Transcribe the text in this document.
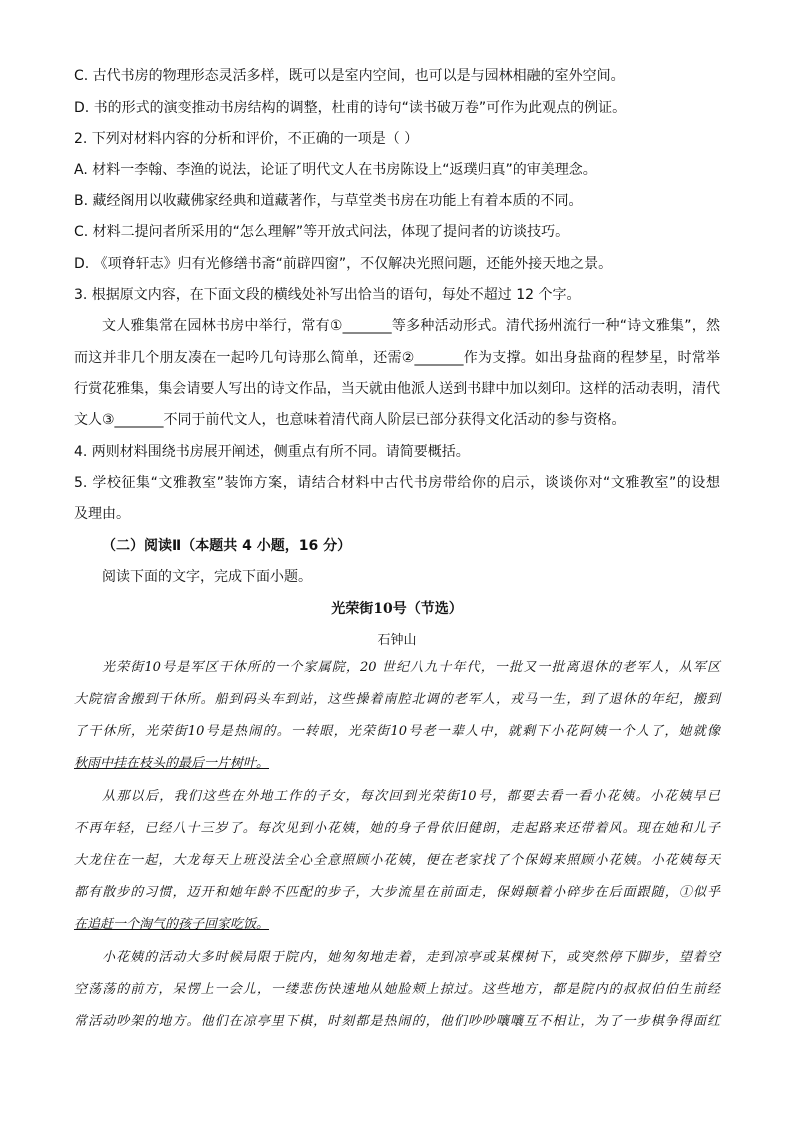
C. 古代书房的物理形态灵活多样，既可以是室内空间，也可以是与园林相融的室外空间。
D. 书的形式的演变推动书房结构的调整，杜甫的诗句“读书破万卷”可作为此观点的例证。
2. 下列对材料内容的分析和评价，不正确的一项是（ ）
A. 材料一李翰、李渔的说法，论证了明代文人在书房陈设上“返璞归真”的审美理念。
B. 藏经阁用以收藏佛家经典和道藏著作，与草堂类书房在功能上有着本质的不同。
C. 材料二提问者所采用的“怎么理解”等开放式问法，体现了提问者的访谈技巧。
D. 《项脊轩志》归有光修缮书斋“前辟四窗”，不仅解决光照问题，还能外接天地之景。
3. 根据原文内容，在下面文段的横线处补写出恰当的语句，每处不超过 12 个字。
文人雅集常在园林书房中举行，常有①_______等多种活动形式。清代扬州流行一种“诗文雅集”，然
而这并非几个朋友凑在一起吟几句诗那么简单，还需②_______作为支撑。如出身盐商的程梦星，时常举
行赏花雅集，集会请要人写出的诗文作品，当天就由他派人送到书肆中加以刻印。这样的活动表明，清代
文人③_______不同于前代文人，也意味着清代商人阶层已部分获得文化活动的参与资格。
4. 两则材料围绕书房展开阐述，侧重点有所不同。请简要概括。
5. 学校征集“文雅教室”装饰方案，请结合材料中古代书房带给你的启示，谈谈你对“文雅教室”的设想
及理由。
（二）阅读Ⅱ（本题共 4 小题，16 分）
阅读下面的文字，完成下面小题。
光荣街10号（节选）
石钟山
光荣街10号是军区干休所的一个家属院，20 世纪八九十年代，一批又一批离退休的老军人，从军区
大院宿舍搬到干休所。船到码头车到站，这些操着南腔北调的老军人，戎马一生，到了退休的年纪，搬到
了干休所，光荣街10号是热闹的。一转眼，光荣街10号老一辈人中，就剩下小花阿姨一个人了，她就像
秋雨中挂在枝头的最后一片树叶。
从那以后，我们这些在外地工作的子女，每次回到光荣街10号，都要去看一看小花姨。小花姨早已
不再年轻，已经八十三岁了。每次见到小花姨，她的身子骨依旧健朗，走起路来还带着风。现在她和儿子
大龙住在一起，大龙每天上班没法全心全意照顾小花姨，便在老家找了个保姆来照顾小花姨。小花姨每天
都有散步的习惯，迈开和她年龄不匹配的步子，大步流星在前面走，保姆颠着小碎步在后面跟随，①似乎
在追赶一个淘气的孩子回家吃饭。
小花姨的活动大多时候局限于院内，她匆匆地走着，走到凉亭或某棵树下，或突然停下脚步，望着空
空荡荡的前方，呆愣上一会儿，一缕悲伤快速地从她脸颊上掠过。这些地方，都是院内的叔叔伯伯生前经
常活动吵架的地方。他们在凉亭里下棋，时刻都是热闹的，他们吵吵嚷嚷互不相让，为了一步棋争得面红
